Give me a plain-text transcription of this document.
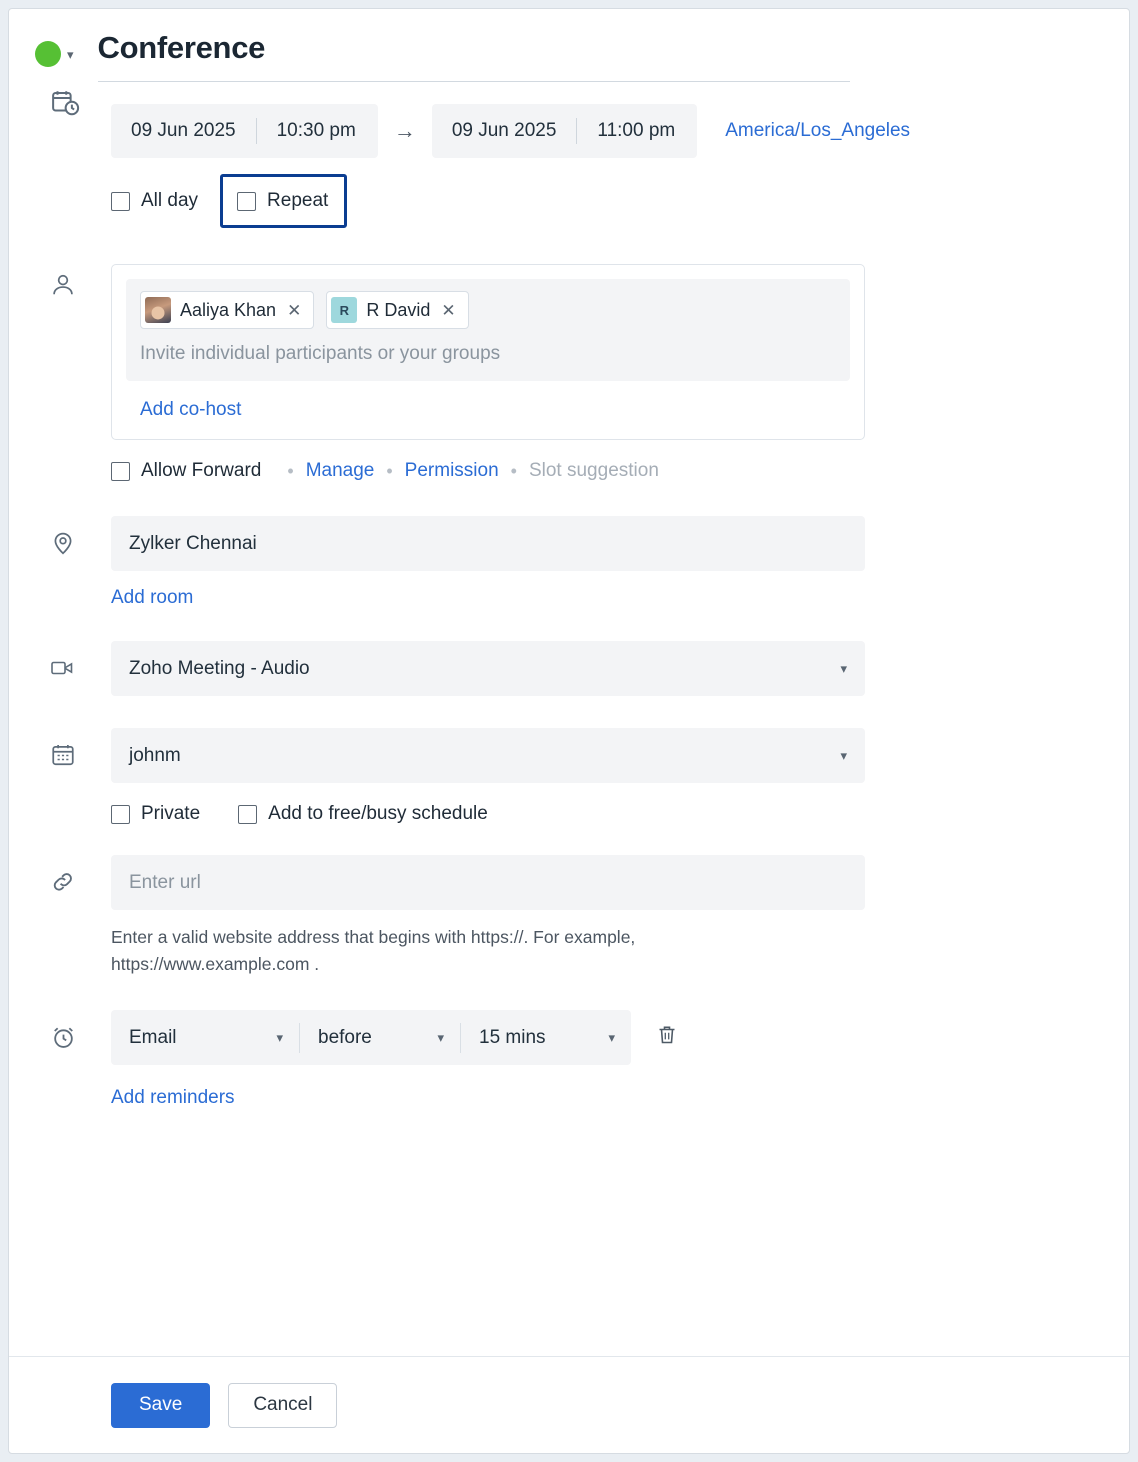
▾ Conference
09 Jun 2025	10:30 pm	→	09 Jun 2025	11:00 pm	America/Los_Angeles
All day	Repeat
Aaliya Khan ✕	R R David ✕
Invite individual participants or your groups
Add co-host
Allow Forward	• Manage • Permission • Slot suggestion
Zylker Chennai
Add room
Zoho Meeting - Audio	▾
johnm	▾
Private	Add to free/busy schedule
Enter url
Enter a valid website address that begins with https://. For example, https://www.example.com .
Email	▾ before	▾ 15 mins	▾
Add reminders
Save	Cancel
